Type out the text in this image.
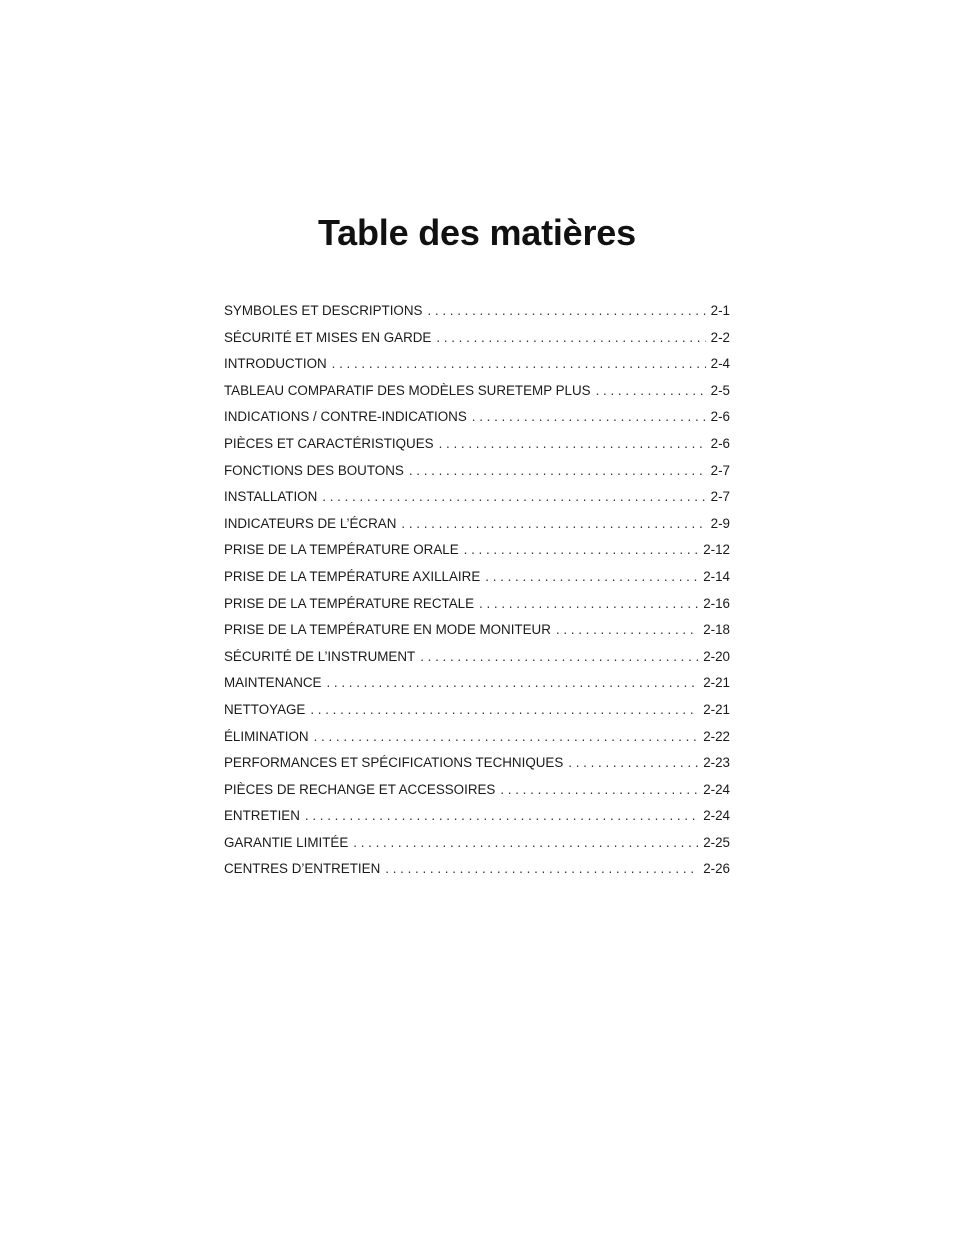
Table des matières
SYMBOLES ET DESCRIPTIONS . . .	2-1
SÉCURITÉ ET MISES EN GARDE . . .	2-2
INTRODUCTION . . .	2-4
TABLEAU COMPARATIF DES MODÈLES SURETEMP PLUS . . .	2-5
INDICATIONS / CONTRE-INDICATIONS . . .	2-6
PIÈCES ET CARACTÉRISTIQUES . . .	2-6
FONCTIONS DES BOUTONS . . .	2-7
INSTALLATION . . .	2-7
INDICATEURS DE L’ÉCRAN . . .	2-9
PRISE DE LA TEMPÉRATURE ORALE . . .	2-12
PRISE DE LA TEMPÉRATURE AXILLAIRE . . .	2-14
PRISE DE LA TEMPÉRATURE RECTALE . . .	2-16
PRISE DE LA TEMPÉRATURE EN MODE MONITEUR . . .	2-18
SÉCURITÉ DE L’INSTRUMENT . . .	2-20
MAINTENANCE . . .	2-21
NETTOYAGE . . .	2-21
ÉLIMINATION . . .	2-22
PERFORMANCES ET SPÉCIFICATIONS TECHNIQUES . . .	2-23
PIÈCES DE RECHANGE ET ACCESSOIRES . . .	2-24
ENTRETIEN . . .	2-24
GARANTIE LIMITÉE . . .	2-25
CENTRES D’ENTRETIEN . . .	2-26
